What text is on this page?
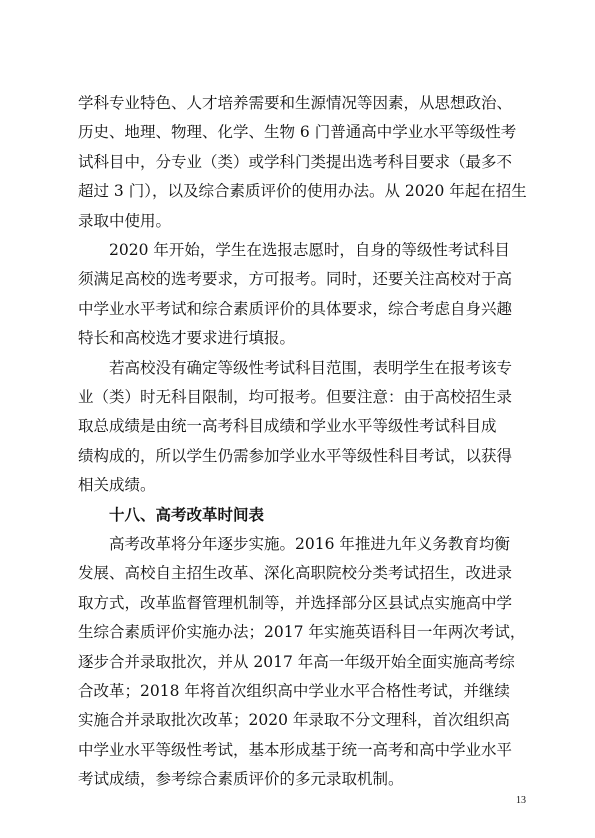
学科专业特色、人才培养需要和生源情况等因素，从思想政治、
历史、地理、物理、化学、生物 6 门普通高中学业水平等级性考
试科目中，分专业（类）或学科门类提出选考科目要求（最多不
超过 3 门），以及综合素质评价的使用办法。从 2020 年起在招生
录取中使用。
2020 年开始，学生在选报志愿时，自身的等级性考试科目
须满足高校的选考要求，方可报考。同时，还要关注高校对于高
中学业水平考试和综合素质评价的具体要求，综合考虑自身兴趣
特长和高校选才要求进行填报。
若高校没有确定等级性考试科目范围，表明学生在报考该专
业（类）时无科目限制，均可报考。但要注意：由于高校招生录
取总成绩是由统一高考科目成绩和学业水平等级性考试科目成
绩构成的，所以学生仍需参加学业水平等级性科目考试，以获得
相关成绩。
十八、高考改革时间表
高考改革将分年逐步实施。2016 年推进九年义务教育均衡
发展、高校自主招生改革、深化高职院校分类考试招生，改进录
取方式，改革监督管理机制等，并选择部分区县试点实施高中学
生综合素质评价实施办法；2017 年实施英语科目一年两次考试，
逐步合并录取批次，并从 2017 年高一年级开始全面实施高考综
合改革；2018 年将首次组织高中学业水平合格性考试，并继续
实施合并录取批次改革；2020 年录取不分文理科，首次组织高
中学业水平等级性考试，基本形成基于统一高考和高中学业水平
考试成绩，参考综合素质评价的多元录取机制。
13
